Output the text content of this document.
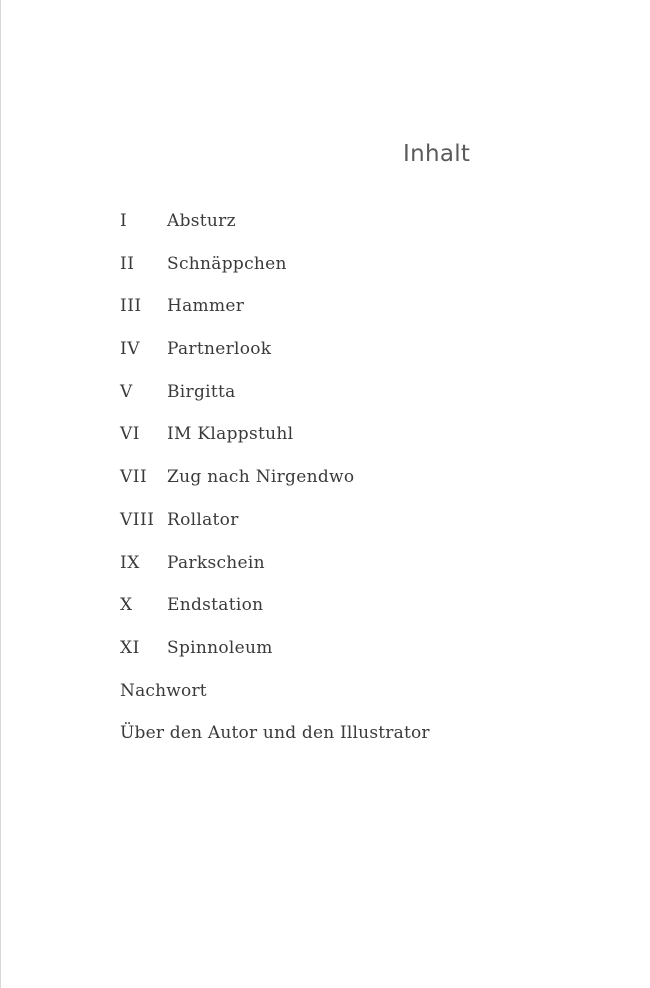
Inhalt
I	Absturz
II	Schnäppchen
III	Hammer
IV	Partnerlook
V	Birgitta
VI	IM Klappstuhl
VII	Zug nach Nirgendwo
VIII Rollator
IX	Parkschein
X	Endstation
XI	Spinnoleum
Nachwort
Über den Autor und den Illustrator
